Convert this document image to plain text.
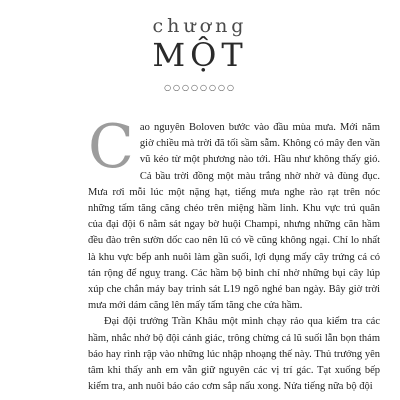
chương
MỘT
○○○○○○○○

Cao nguyên Boloven bước vào đầu mùa mưa. Mới năm giờ chiều mà trời đã tối sầm sẫm. Không có mây đen vần vũ kéo từ một phương nào tới. Hầu như không thấy gió. Cả bầu trời đồng một màu trắng nhờ nhờ và đùng đục. Mưa rơi mỗi lúc một nặng hạt, tiếng mưa nghe rào rạt trên nóc những tấm tăng căng chéo trên miệng hầm linh. Khu vực trú quân của đại đội 6 nằm sát ngay bờ huội Champi, nhưng những căn hầm đều đào trên sườn dốc cao nên lũ có về cũng không ngại. Chỉ lo nhất là khu vực bếp anh nuôi làm gần suối, lợi dụng mấy cây trứng cá có tán rộng để nguỵ trang. Các hầm bộ binh chỉ nhờ những bụi cây lúp xúp che chắn máy bay trinh sát L19 ngõ nghé ban ngày. Bây giờ trời mưa mới dám căng lên mấy tấm tăng che cửa hầm.

Đại đội trưởng Trần Khâu một mình chạy rảo qua kiểm tra các hầm, nhắc nhở bộ đội cảnh giác, trông chừng cả lũ suối lẫn bọn thám báo hay rình rập vào những lúc nhập nhoạng thế này. Thủ trưởng yên tâm khi thấy anh em vẫn giữ nguyên các vị trí gác. Tạt xuống bếp kiểm tra, anh nuôi báo cáo cơm sắp nấu xong. Nửa tiếng nữa bộ đội
